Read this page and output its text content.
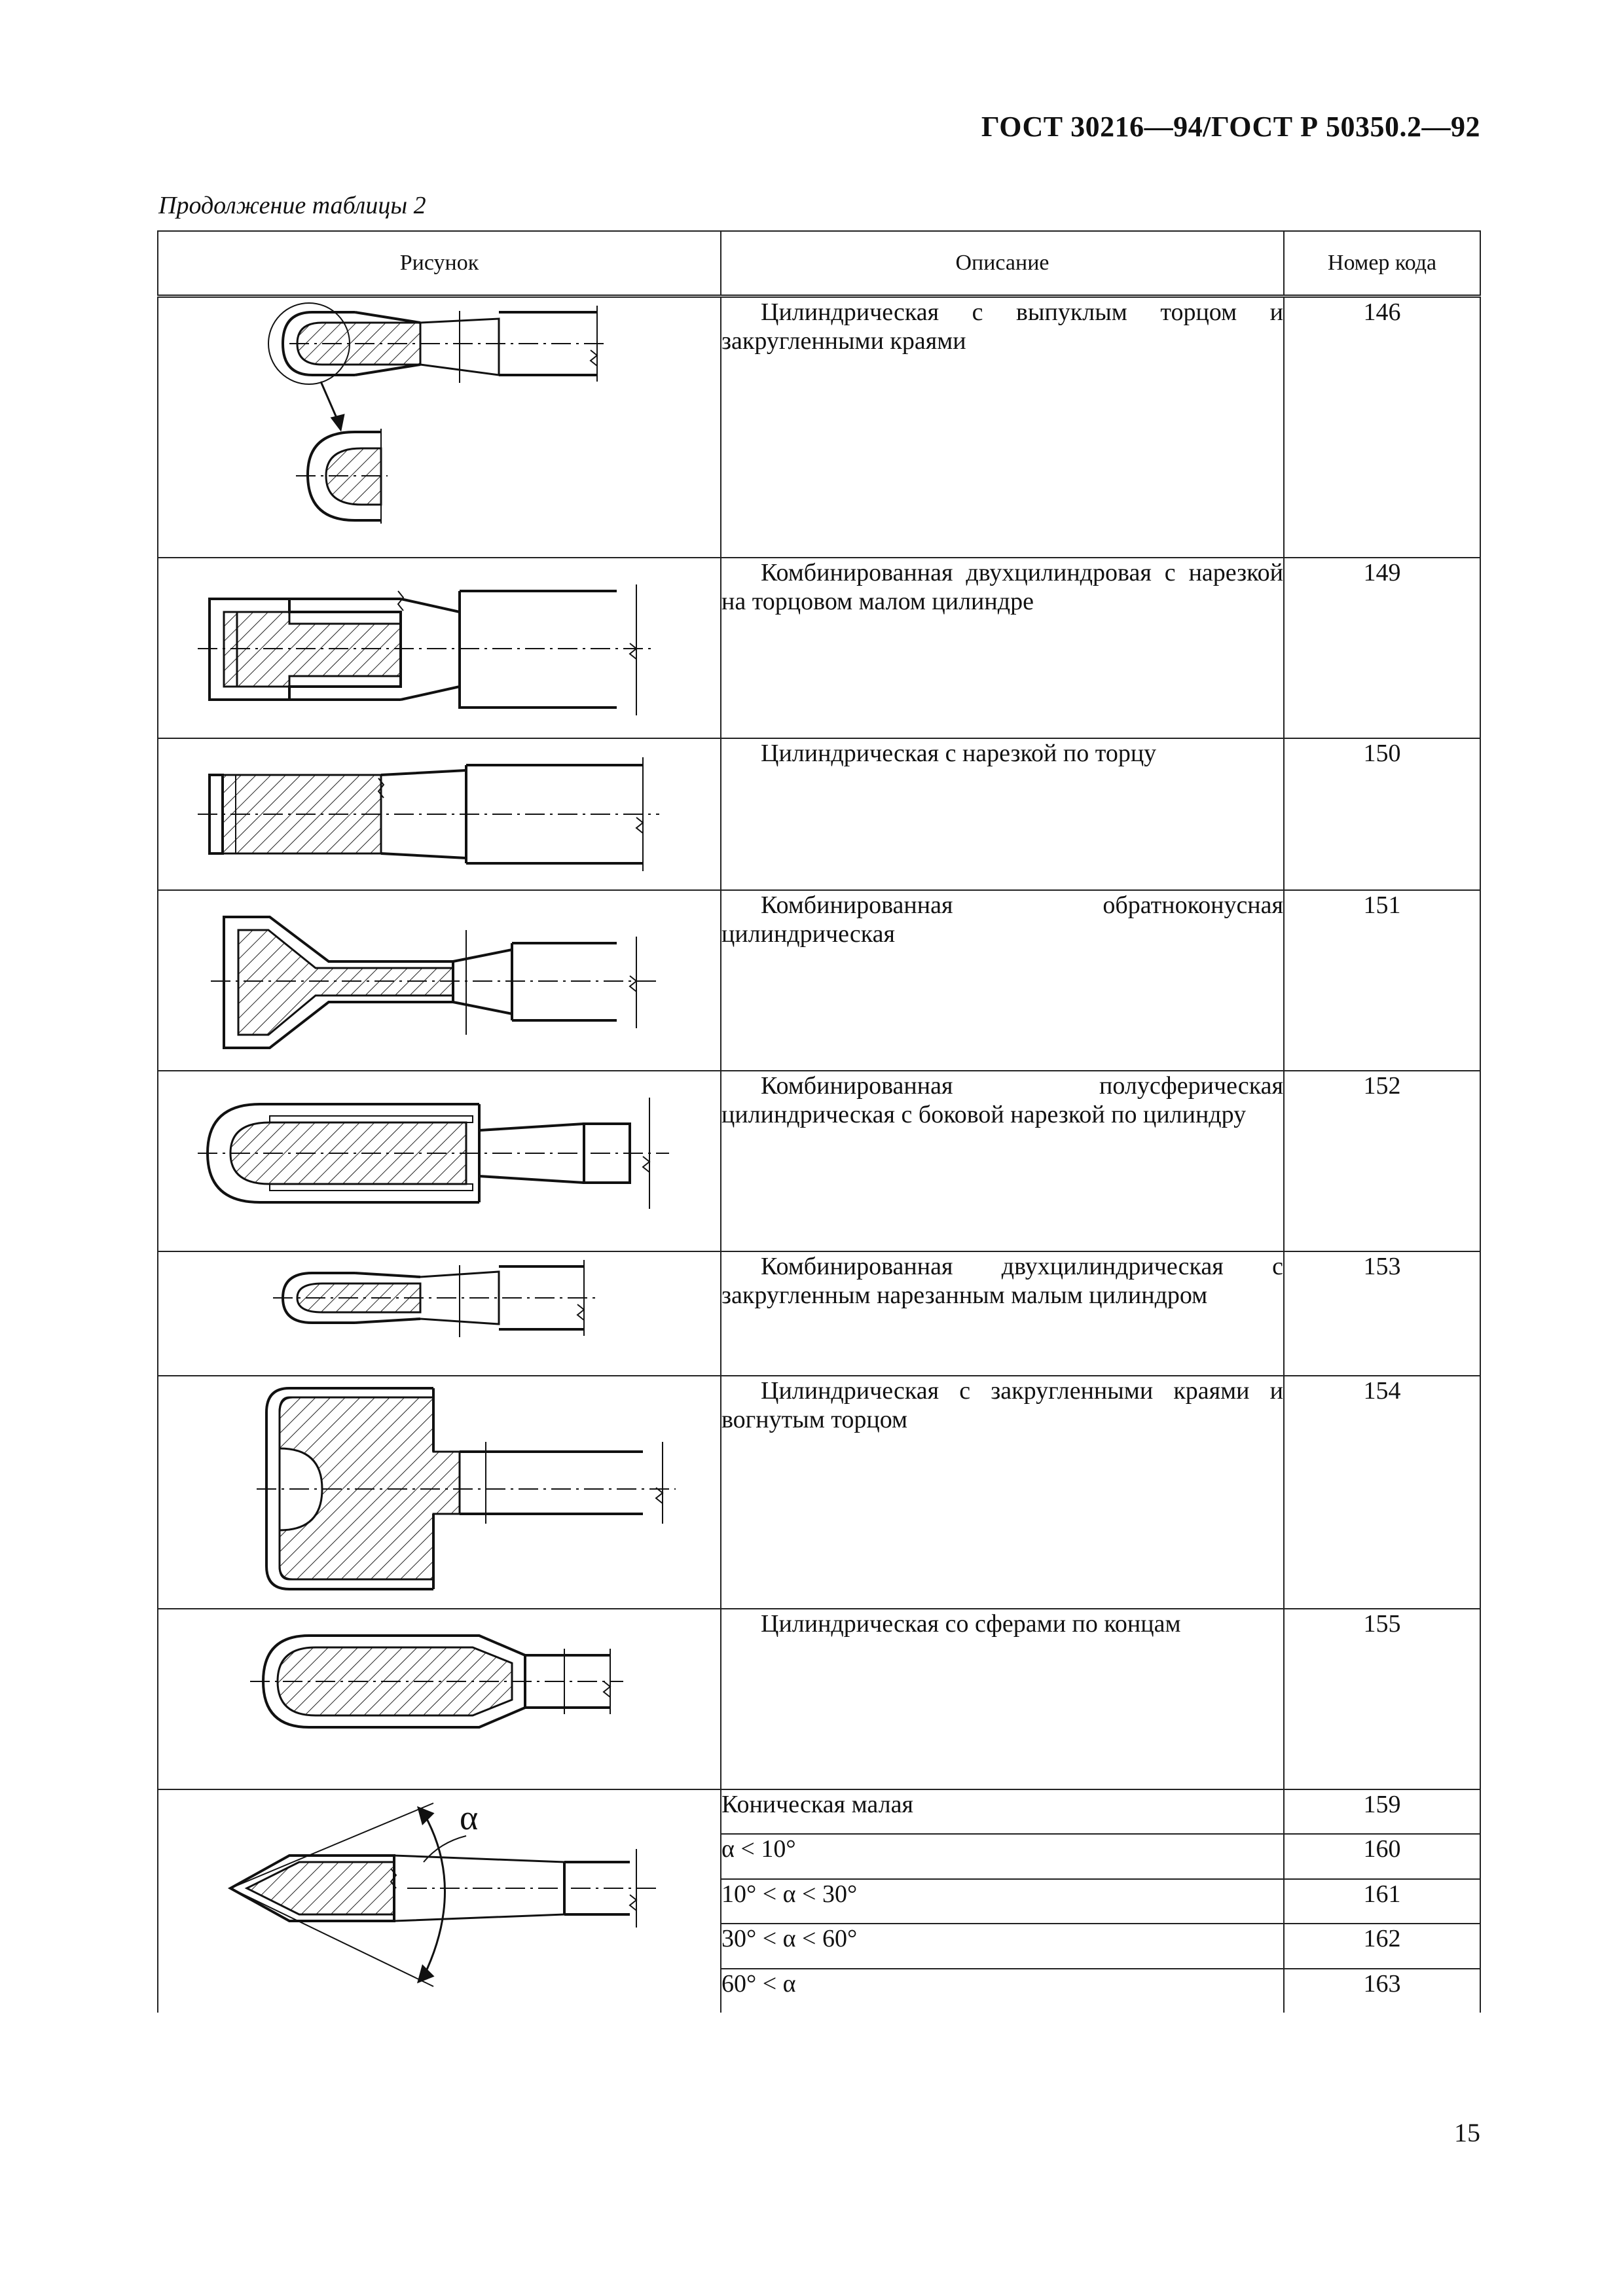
ГОСТ 30216—94/ГОСТ Р 50350.2—92
Продолжение таблицы 2
Рисунок	Описание	Номер кода

	Цилиндрическая с выпуклым торцом и закругленными краями	146

	Комбинированная двухцилиндровая с нарезкой на торцовом малом цилиндре	149

	Цилиндрическая с нарезкой по торцу	150

	Комбинированная обратноконусная цилиндрическая	151

	Комбинированная полусферическая цилиндрическая с боковой нарезкой по цилиндру	152

	Комбинированная двухцилиндрическая с закругленным нарезанным малым цилиндром	153

	Цилиндрическая с закругленными краями и вогнутым торцом	154

	Цилиндрическая со сферами по концам	155

α	Коническая малая	159
	α < 10°	160
	10° < α < 30°	161
	30° < α < 60°	162
	60° < α	163
15
